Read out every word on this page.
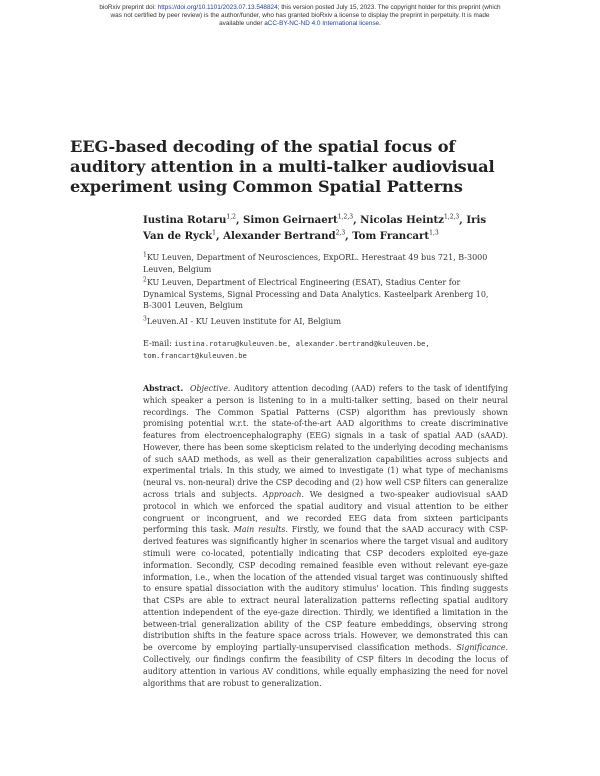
bioRxiv preprint doi: https://doi.org/10.1101/2023.07.13.548824; this version posted July 15, 2023. The copyright holder for this preprint (which
was not certified by peer review) is the author/funder, who has granted bioRxiv a license to display the preprint in perpetuity. It is made
available under aCC-BY-NC-ND 4.0 International license.
EEG-based decoding of the spatial focus of auditory attention in a multi-talker audiovisual experiment using Common Spatial Patterns
Iustina Rotaru$^{1,2}$, Simon Geirnaert$^{1,2,3}$, Nicolas Heintz$^{1,2,3}$, Iris Van de Ryck$^1$, Alexander Bertrand$^{2,3}$, Tom Francart$^{1,3}$
$^1$KU Leuven, Department of Neurosciences, ExpORL. Herestraat 49 bus 721, B-3000 Leuven, Belgium
$^2$KU Leuven, Department of Electrical Engineering (ESAT), Stadius Center for Dynamical Systems, Signal Processing and Data Analytics. Kasteelpark Arenberg 10, B-3001 Leuven, Belgium
$^3$Leuven.AI - KU Leuven institute for AI, Belgium
E-mail: iustina.rotaru@kuleuven.be, alexander.bertrand@kuleuven.be, tom.francart@kuleuven.be
Abstract. Objective. Auditory attention decoding (AAD) refers to the task of identifying which speaker a person is listening to in a multi-talker setting, based on their neural recordings. The Common Spatial Patterns (CSP) algorithm has previously shown promising potential w.r.t. the state-of-the-art AAD algorithms to create discriminative features from electroencephalography (EEG) signals in a task of spatial AAD (sAAD). However, there has been some skepticism related to the underlying decoding mechanisms of such sAAD methods, as well as their generalization capabilities across subjects and experimental trials. In this study, we aimed to investigate (1) what type of mechanisms (neural vs. non-neural) drive the CSP decoding and (2) how well CSP filters can generalize across trials and subjects. Approach. We designed a two-speaker audiovisual sAAD protocol in which we enforced the spatial auditory and visual attention to be either congruent or incongruent, and we recorded EEG data from sixteen participants performing this task. Main results. Firstly, we found that the sAAD accuracy with CSP-derived features was significantly higher in scenarios where the target visual and auditory stimuli were co-located, potentially indicating that CSP decoders exploited eye-gaze information. Secondly, CSP decoding remained feasible even without relevant eye-gaze information, i.e., when the location of the attended visual target was continuously shifted to ensure spatial dissociation with the auditory stimulus' location. This finding suggests that CSPs are able to extract neural lateralization patterns reflecting spatial auditory attention independent of the eye-gaze direction. Thirdly, we identified a limitation in the between-trial generalization ability of the CSP feature embeddings, observing strong distribution shifts in the feature space across trials. However, we demonstrated this can be overcome by employing partially-unsupervised classification methods. Significance. Collectively, our findings confirm the feasibility of CSP filters in decoding the locus of auditory attention in various AV conditions, while equally emphasizing the need for novel algorithms that are robust to generalization.
